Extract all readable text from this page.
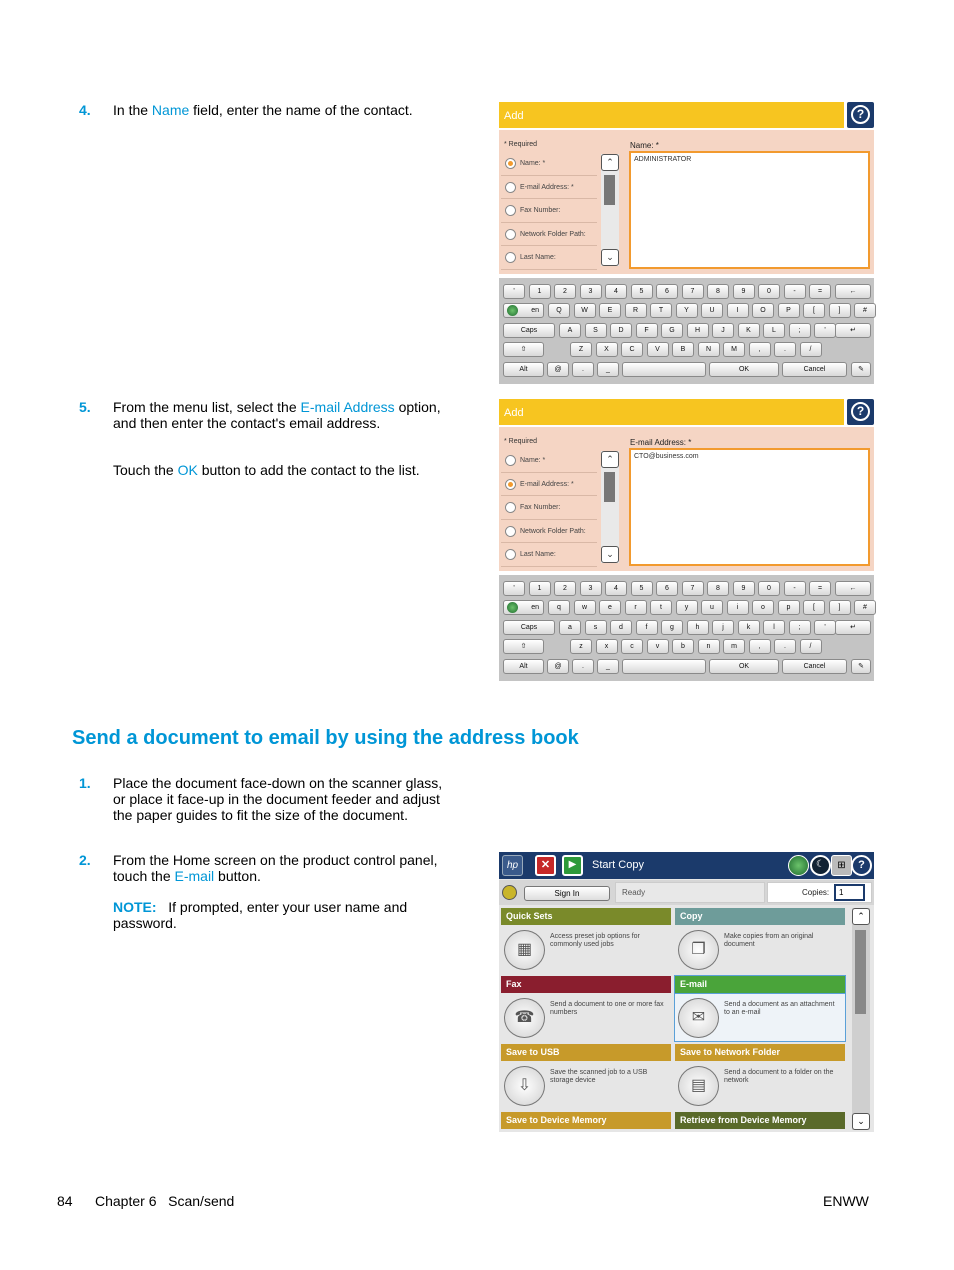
4. In the Name field, enter the name of the contact.
5. From the menu list, select the E-mail Address option, and then enter the contact's email address.
Touch the OK button to add the contact to the list.
Add	?
* Required
Name: *
E-mail Address: *
Fax Number:
Network Folder Path:
Last Name:
⌃
⌄
Name: *
ADMINISTRATOR
'	1	2	3	4	5	6	7	8	9	0	-	=	←
en	Q	W	E	R	T	Y	U	I	O	P	[	]	#
Caps	A	S	D	F	G	H	J	K	L	;	'	↵
⇧	Z	X	C	V	B	N	M	,	.	/
Alt	@	.	_	OK	Cancel	✎
Add	?
* Required
Name: *
E-mail Address: *
Fax Number:
Network Folder Path:
Last Name:
⌃
⌄
E-mail Address: *
CTO@business.com
'	1	2	3	4	5	6	7	8	9	0	-	=	←
en	q	w	e	r	t	y	u	i	o	p	[	]	#
Caps	a	s	d	f	g	h	j	k	l	;	'	↵
⇧	z	x	c	v	b	n	m	,	.	/
Alt	@	.	_	OK	Cancel	✎
Send a document to email by using the address book
1. Place the document face-down on the scanner glass, or place it face-up in the document feeder and adjust the paper guides to fit the size of the document.
2. From the Home screen on the product control panel, touch the E-mail button.
NOTE: If prompted, enter your user name and password.
hp	✕	▶	Start Copy	☾	⊞	?
Sign In	Ready	Copies:	1
Quick Sets
▦
Access preset job options for commonly used jobs
Copy
❐
Make copies from an original document
Fax
☎
Send a document to one or more fax numbers
E-mail
✉
Send a document as an attachment to an e-mail
Save to USB
⇩
Save the scanned job to a USB storage device
Save to Network Folder
▤
Send a document to a folder on the network
Save to Device Memory	Retrieve from Device Memory
⌃
⌄
84 Chapter 6   Scan/send	ENWW
